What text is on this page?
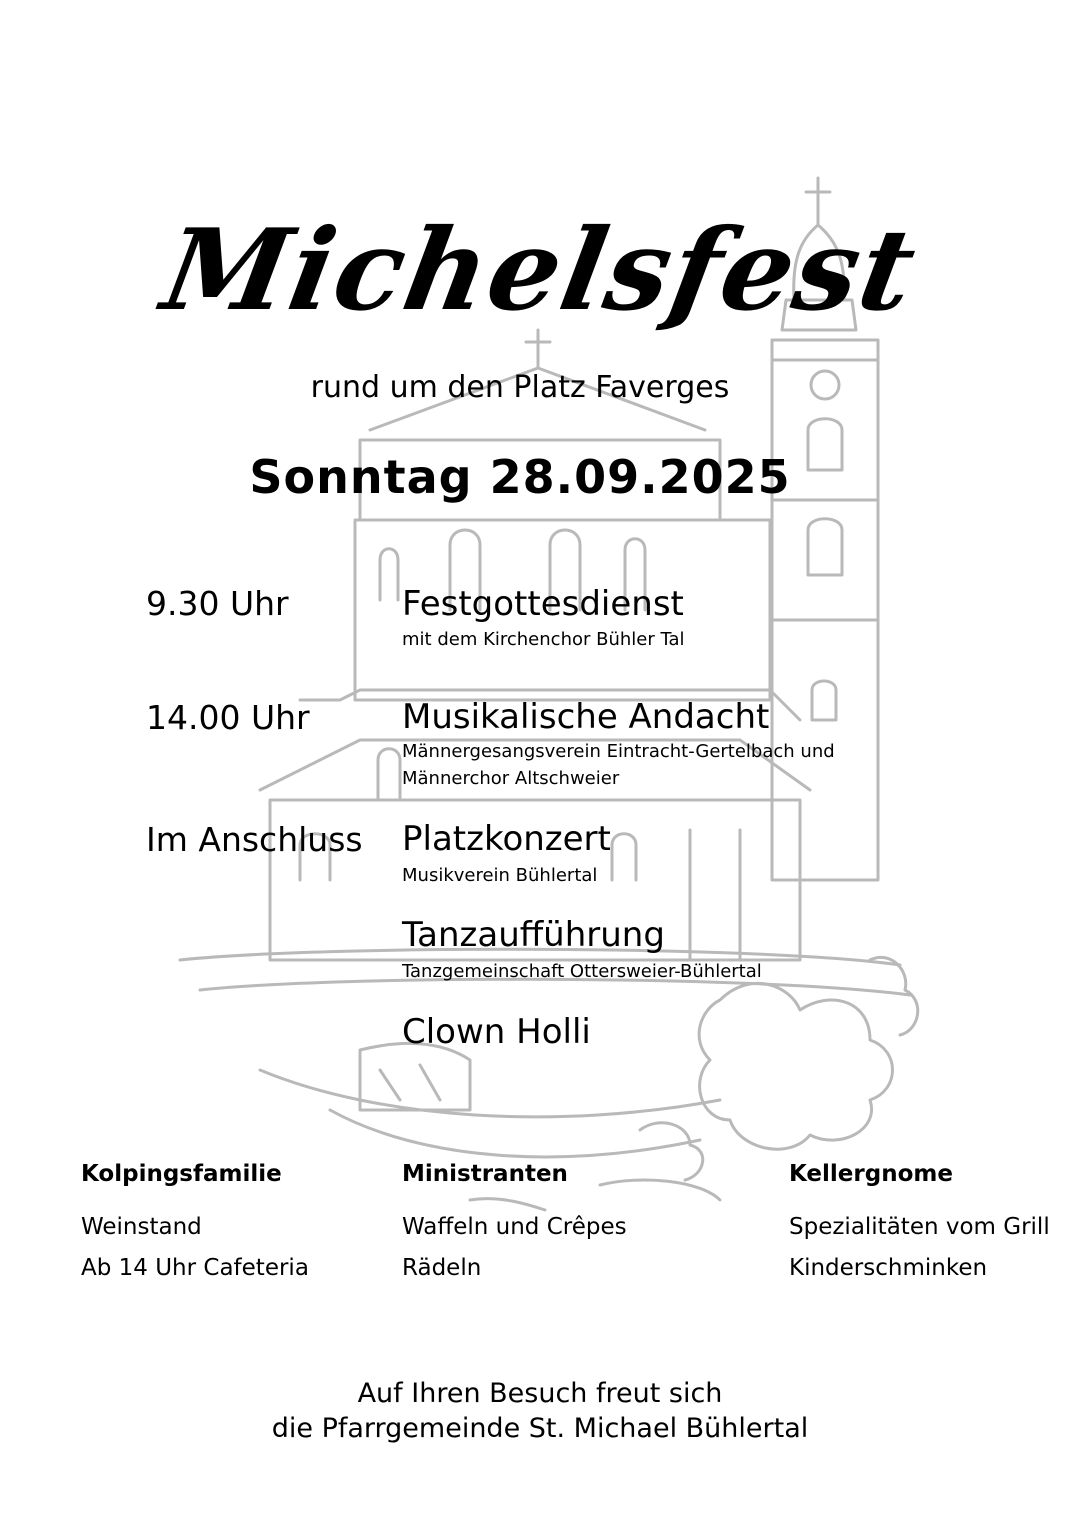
Michelsfest
rund um den Platz Faverges
Sonntag 28.09.2025
9.30 Uhr	Festgottesdienst
mit dem Kirchenchor Bühler Tal
14.00 Uhr	Musikalische Andacht
Männergesangsverein Eintracht-Gertelbach und Männerchor Altschweier
Im Anschluss Platzkonzert
Musikverein Bühlertal
Tanzaufführung
Tanzgemeinschaft Ottersweier-Bühlertal
Clown Holli
Kolpingsfamilie
Weinstand
Ab 14 Uhr Cafeteria
Ministranten
Waffeln und Crêpes
Rädeln
Kellergnome
Spezialitäten vom Grill
Kinderschminken
Auf Ihren Besuch freut sich
die Pfarrgemeinde St. Michael Bühlertal
